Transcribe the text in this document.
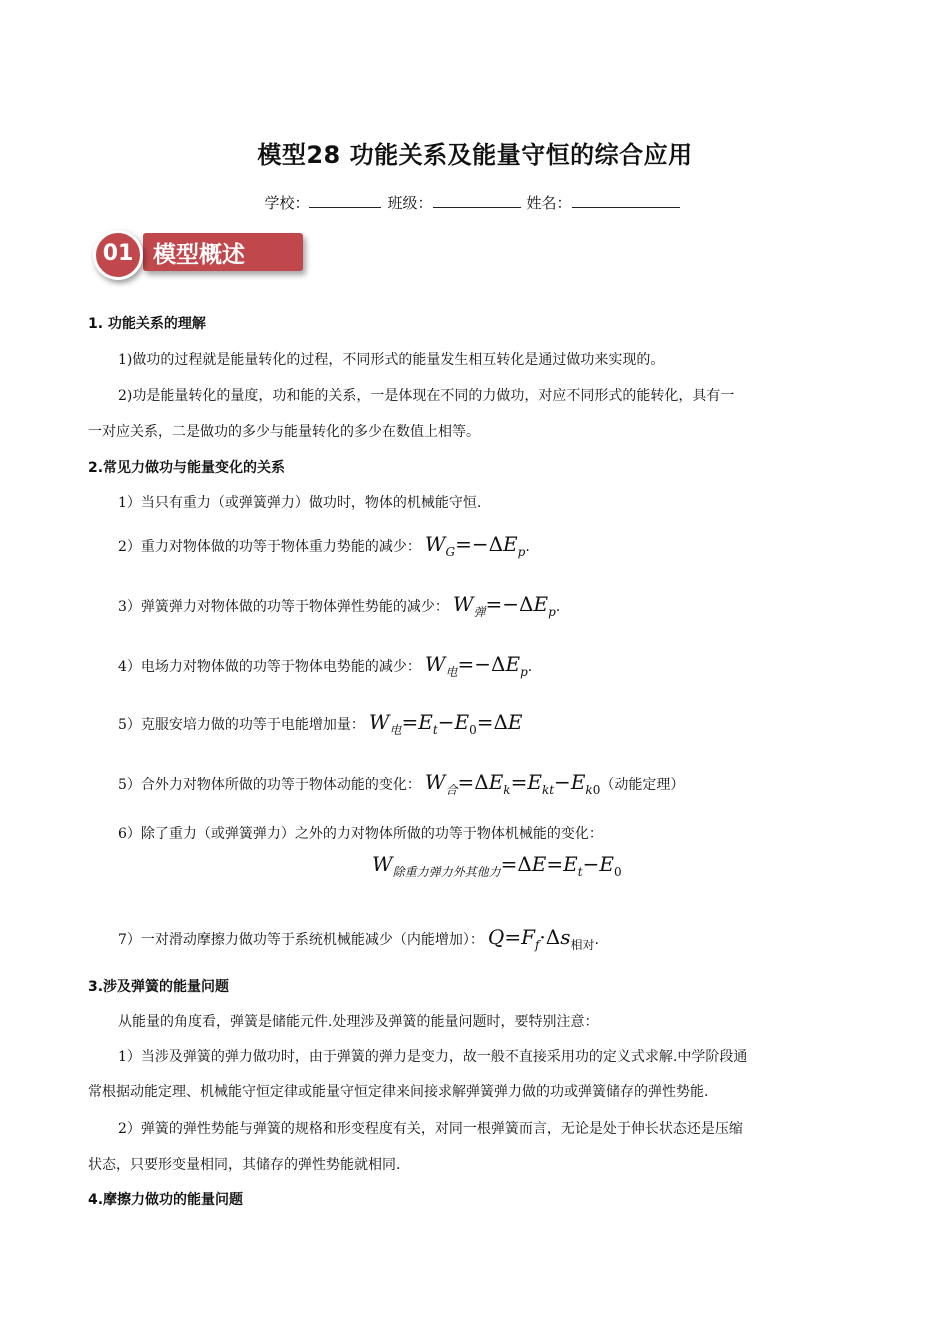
模型28 功能关系及能量守恒的综合应用
学校：	班级：	姓名：
模型概述
01
1. 功能关系的理解
1)做功的过程就是能量转化的过程，不同形式的能量发生相互转化是通过做功来实现的。
2)功是能量转化的量度，功和能的关系，一是体现在不同的力做功，对应不同形式的能转化，具有一
一对应关系，二是做功的多少与能量转化的多少在数值上相等。
2.常见力做功与能量变化的关系
1）当只有重力（或弹簧弹力）做功时，物体的机械能守恒.
2）重力对物体做的功等于物体重力势能的减少： $W_G=-\Delta E_p$.
3）弹簧弹力对物体做的功等于物体弹性势能的减少： $W_弹=-\Delta E_p$.
4）电场力对物体做的功等于物体电势能的减少： $W_电=-\Delta E_p$.
5）克服安培力做的功等于电能增加量： $W_电=E_t-E_0=\Delta E$
5）合外力对物体所做的功等于物体动能的变化： $W_合=\Delta E_k=E_{kt}-E_{k0}$（动能定理）
6）除了重力（或弹簧弹力）之外的力对物体所做的功等于物体机械能的变化：
$W_{除重力弹力外其他力}=\Delta E=E_t-E_0$
7）一对滑动摩擦力做功等于系统机械能减少（内能增加）： $Q=F_f\cdot\Delta s_{相对}$.
3.涉及弹簧的能量问题
从能量的角度看，弹簧是储能元件.处理涉及弹簧的能量问题时，要特别注意：
1）当涉及弹簧的弹力做功时，由于弹簧的弹力是变力，故一般不直接采用功的定义式求解.中学阶段通
常根据动能定理、机械能守恒定律或能量守恒定律来间接求解弹簧弹力做的功或弹簧储存的弹性势能.
2）弹簧的弹性势能与弹簧的规格和形变程度有关，对同一根弹簧而言，无论是处于伸长状态还是压缩
状态，只要形变量相同，其储存的弹性势能就相同.
4.摩擦力做功的能量问题
